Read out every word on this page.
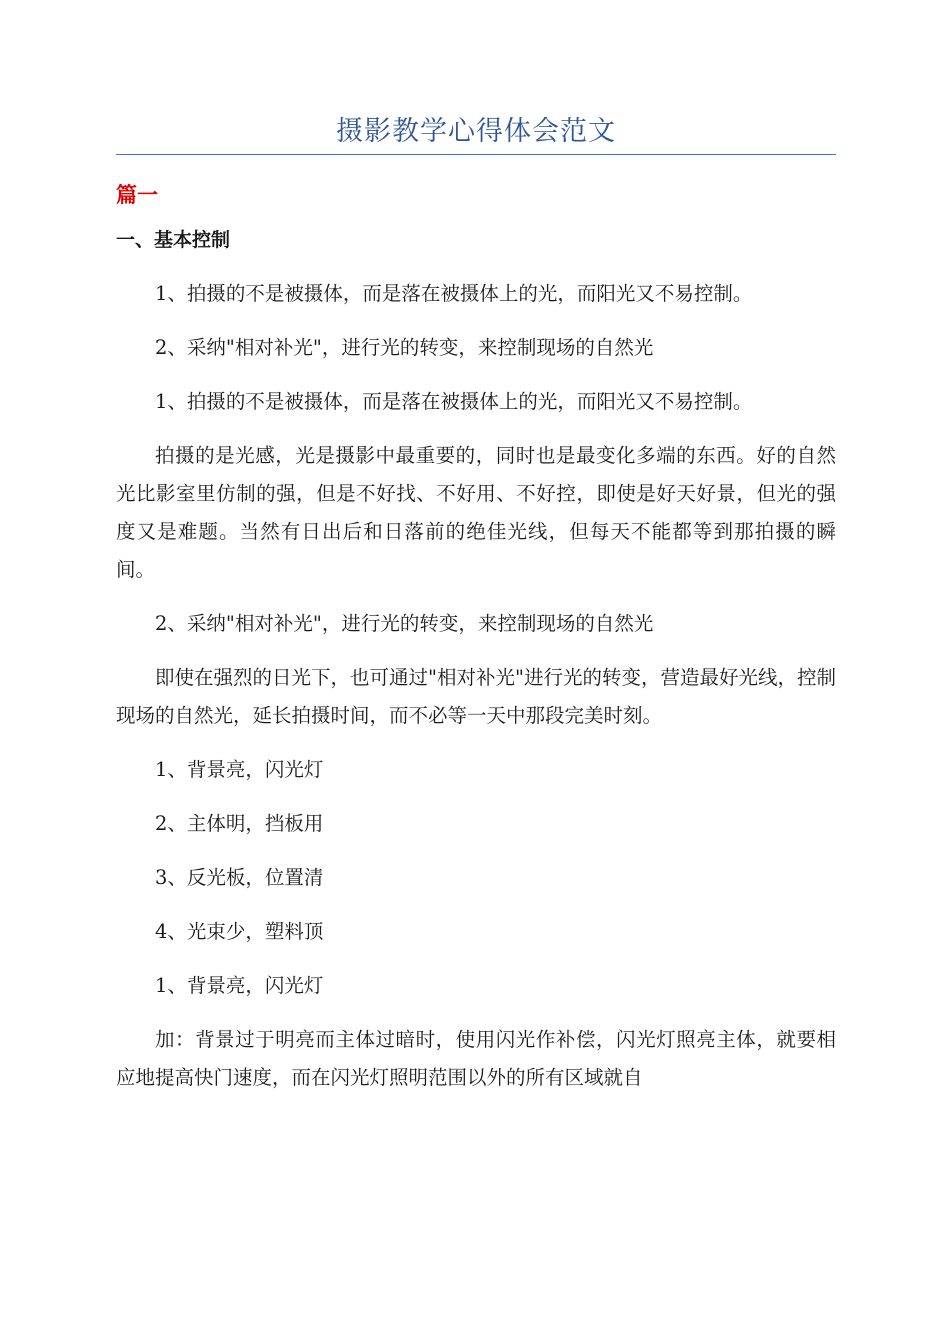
摄影教学心得体会范文
篇一
一、基本控制

1、拍摄的不是被摄体，而是落在被摄体上的光，而阳光又不易控制。

2、采纳"相对补光"，进行光的转变，来控制现场的自然光

1、拍摄的不是被摄体，而是落在被摄体上的光，而阳光又不易控制。

拍摄的是光感，光是摄影中最重要的，同时也是最变化多端的东西。好的自然光比影室里仿制的强，但是不好找、不好用、不好控，即使是好天好景，但光的强度又是难题。当然有日出后和日落前的绝佳光线，但每天不能都等到那拍摄的瞬间。

2、采纳"相对补光"，进行光的转变，来控制现场的自然光

即使在强烈的日光下，也可通过"相对补光"进行光的转变，营造最好光线，控制现场的自然光，延长拍摄时间，而不必等一天中那段完美时刻。

1、背景亮，闪光灯

2、主体明，挡板用

3、反光板，位置清

4、光束少，塑料顶

1、背景亮，闪光灯

加：背景过于明亮而主体过暗时，使用闪光作补偿，闪光灯照亮主体，就要相应地提高快门速度，而在闪光灯照明范围以外的所有区域就自
